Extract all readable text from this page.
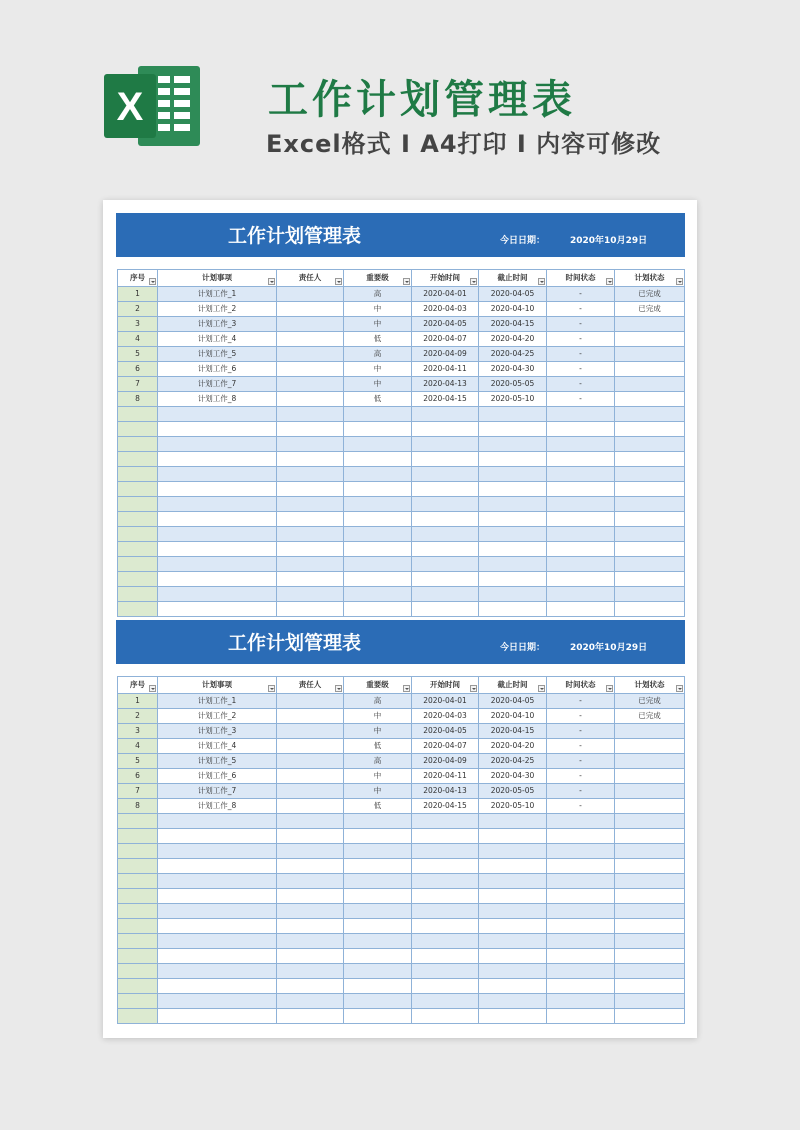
X	工作计划管理表
Excel格式 I A4打印 I 内容可修改
工作计划管理表	今日日期：	2020年10月29日
序号	计划事项	责任人	重要级	开始时间	截止时间	时间状态	计划状态

1	计划工作_1		高	2020-04-01	2020-04-05	-	已完成
2	计划工作_2		中	2020-04-03	2020-04-10	-	已完成
3	计划工作_3		中	2020-04-05	2020-04-15	-	
4	计划工作_4		低	2020-04-07	2020-04-20	-	
5	计划工作_5		高	2020-04-09	2020-04-25	-	
6	计划工作_6		中	2020-04-11	2020-04-30	-	
7	计划工作_7		中	2020-04-13	2020-05-05	-	
8	计划工作_8		低	2020-04-15	2020-05-10	-	

工作计划管理表	今日日期：	2020年10月29日
序号	计划事项	责任人	重要级	开始时间	截止时间	时间状态	计划状态

1	计划工作_1		高	2020-04-01	2020-04-05	-	已完成
2	计划工作_2		中	2020-04-03	2020-04-10	-	已完成
3	计划工作_3		中	2020-04-05	2020-04-15	-	
4	计划工作_4		低	2020-04-07	2020-04-20	-	
5	计划工作_5		高	2020-04-09	2020-04-25	-	
6	计划工作_6		中	2020-04-11	2020-04-30	-	
7	计划工作_7		中	2020-04-13	2020-05-05	-	
8	计划工作_8		低	2020-04-15	2020-05-10	-	
